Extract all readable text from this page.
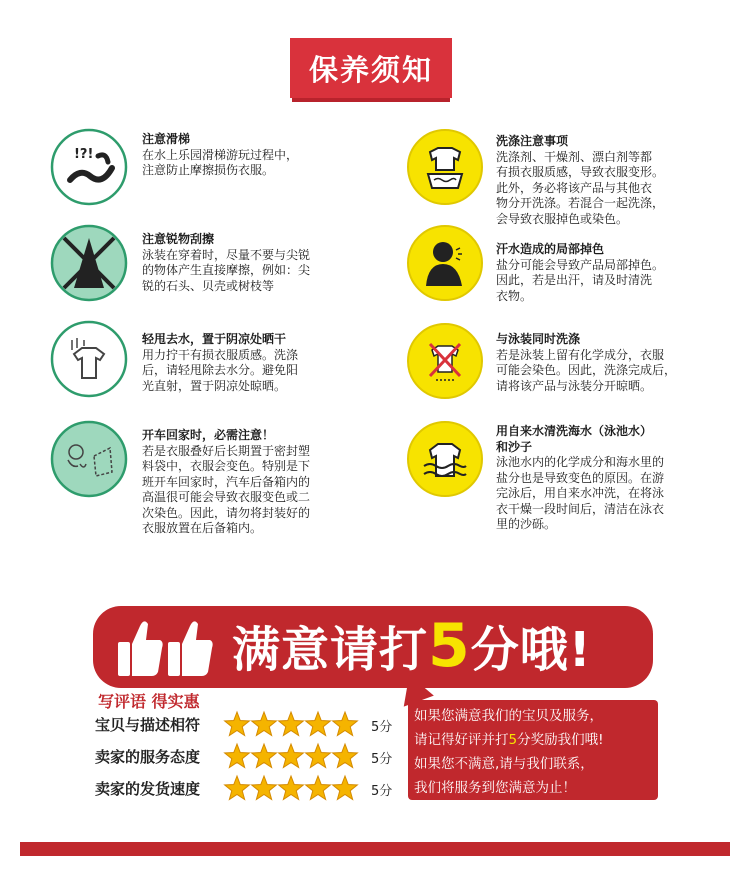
保养须知
!?!
注意滑梯
在水上乐园滑梯游玩过程中，
注意防止摩擦损伤衣服。
注意锐物刮擦
泳装在穿着时，尽量不要与尖锐
的物体产生直接摩擦，例如：尖
锐的石头、贝壳或树枝等
轻甩去水，置于阴凉处晒干
用力拧干有损衣服质感。洗涤
后，请轻甩除去水分。避免阳
光直射，置于阴凉处晾晒。
开车回家时，必需注意！
若是衣服叠好后长期置于密封塑
料袋中，衣服会变色。特别是下
班开车回家时，汽车后备箱内的
高温很可能会导致衣服变色或二
次染色。因此，请勿将封装好的
衣服放置在后备箱内。
洗涤注意事项
洗涤剂、干燥剂、漂白剂等都
有损衣服质感，导致衣服变形。
此外，务必将该产品与其他衣
物分开洗涤。若混合一起洗涤，
会导致衣服掉色或染色。
汗水造成的局部掉色
盐分可能会导致产品局部掉色。
因此，若是出汗，请及时清洗
衣物。
与泳装同时洗涤
若是泳装上留有化学成分，衣服
可能会染色。因此，洗涤完成后，
请将该产品与泳装分开晾晒。
用自来水清洗海水（泳池水）
和沙子
泳池水内的化学成分和海水里的
盐分也是导致变色的原因。在游
完泳后，用自来水冲洗，在将泳
衣干燥一段时间后，清洁在泳衣
里的沙砾。
满意请打5分哦!
写评语 得实惠
宝贝与描述相符	5分
卖家的服务态度	5分
卖家的发货速度	5分
如果您满意我们的宝贝及服务，
请记得好评并打5分奖励我们哦!
如果您不满意,请与我们联系，
我们将服务到您满意为止！
